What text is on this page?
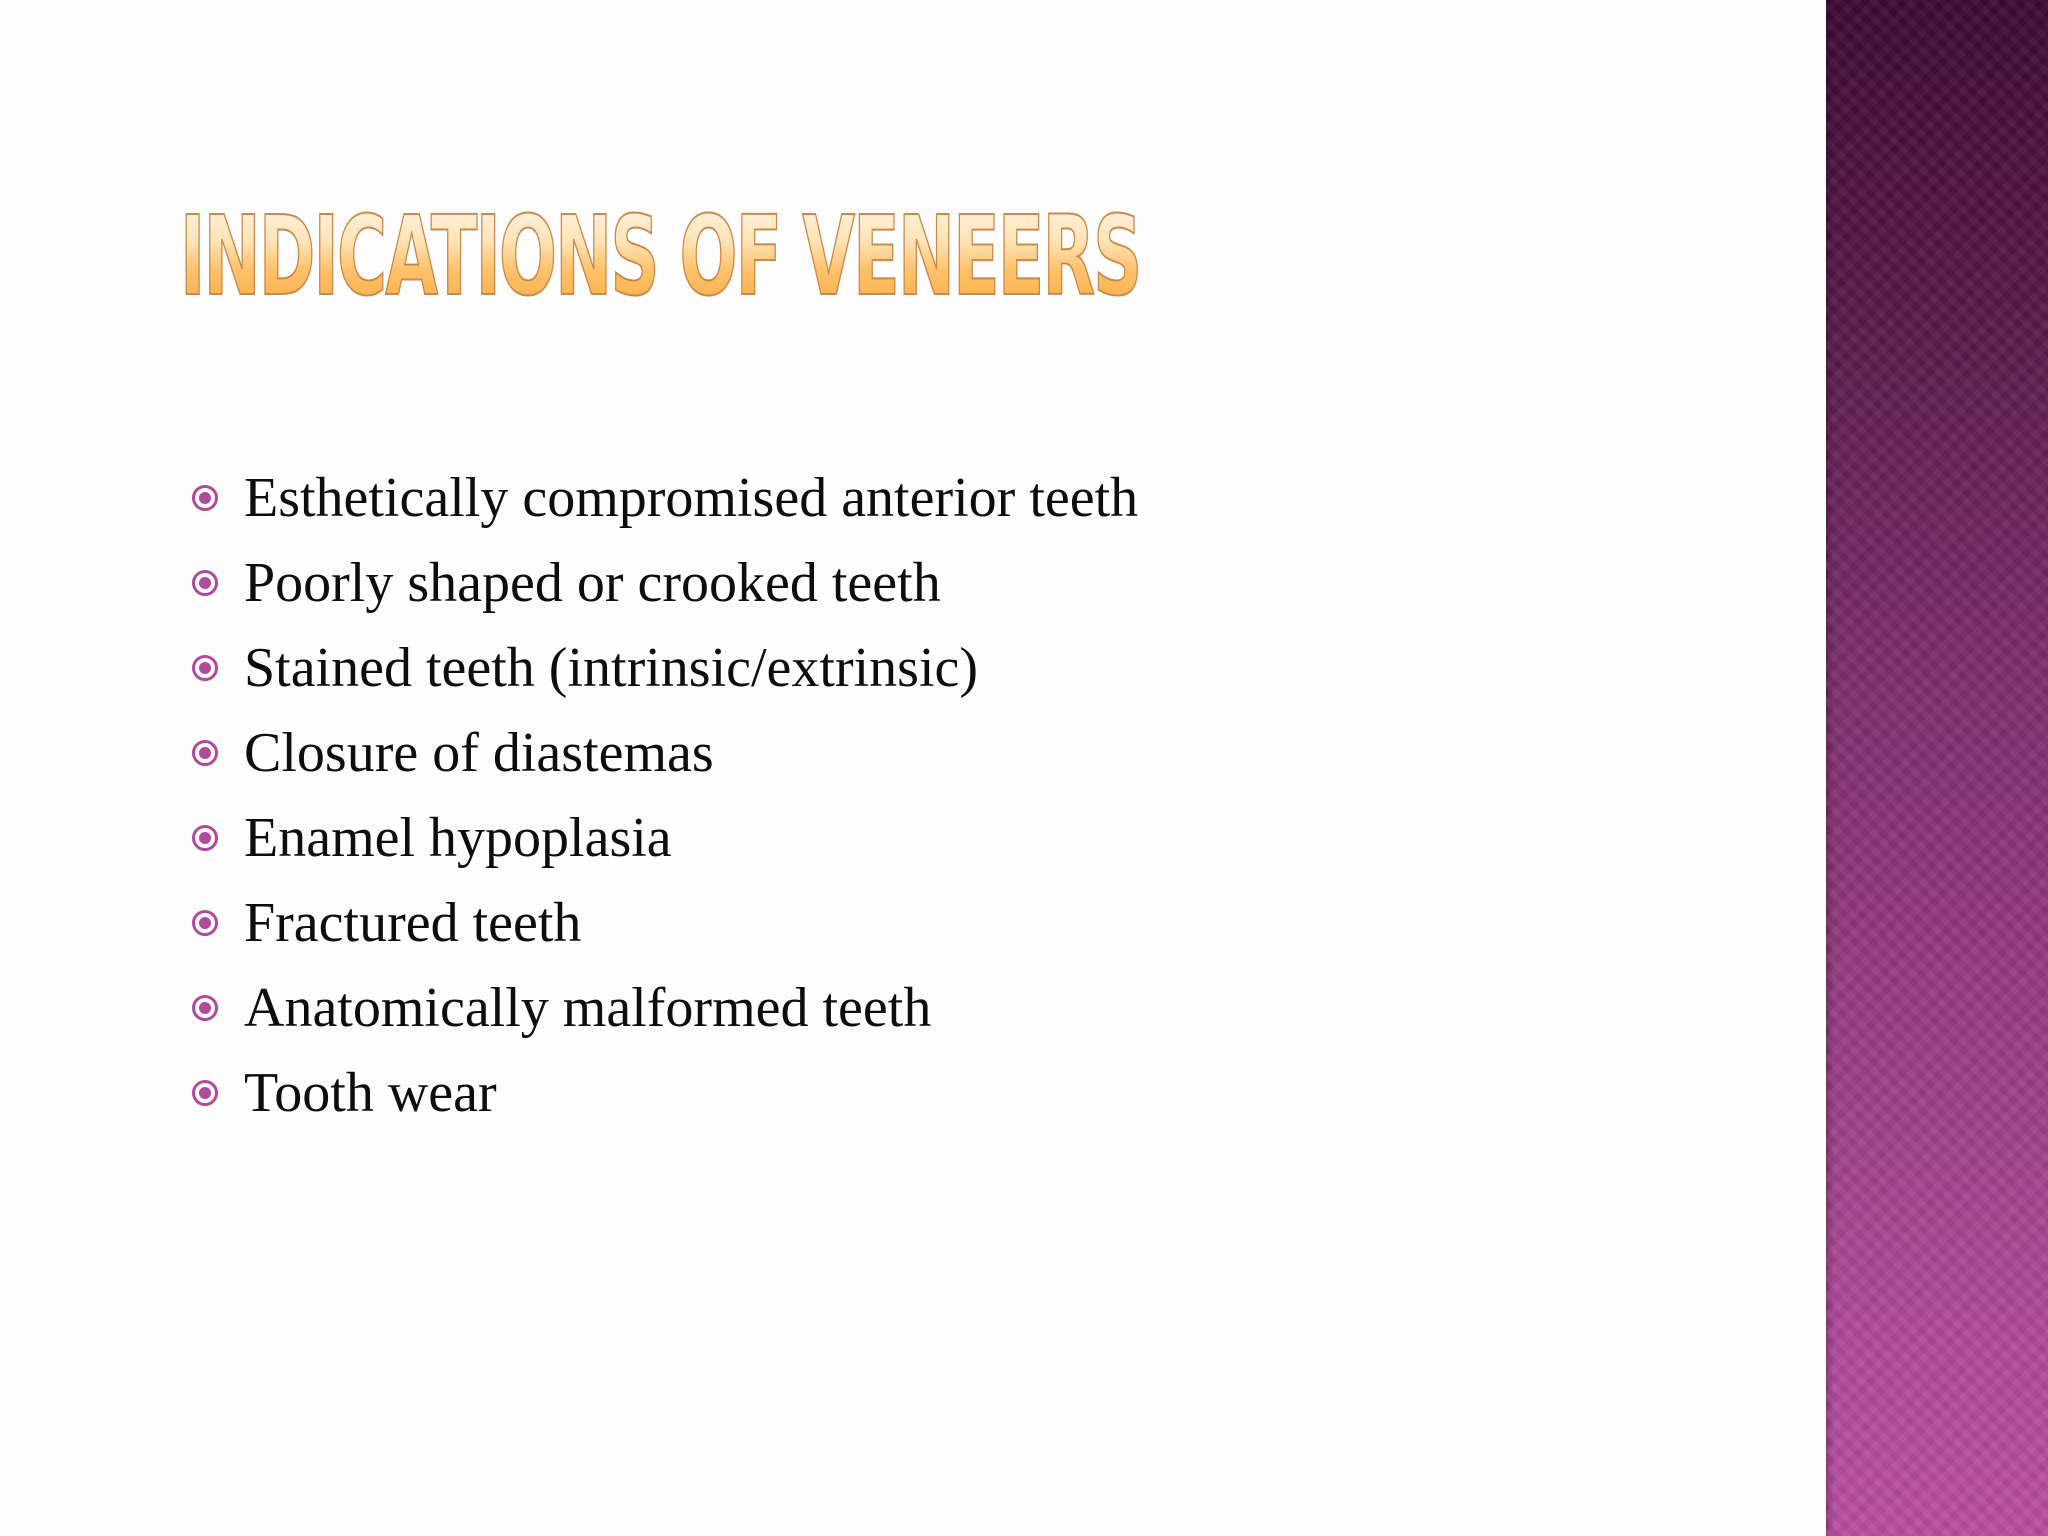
INDICATIONS OF VENEERS
Esthetically compromised anterior teeth
Poorly shaped or crooked teeth
Stained teeth (intrinsic/extrinsic)
Closure of diastemas
Enamel hypoplasia
Fractured teeth
Anatomically malformed teeth
Tooth wear
